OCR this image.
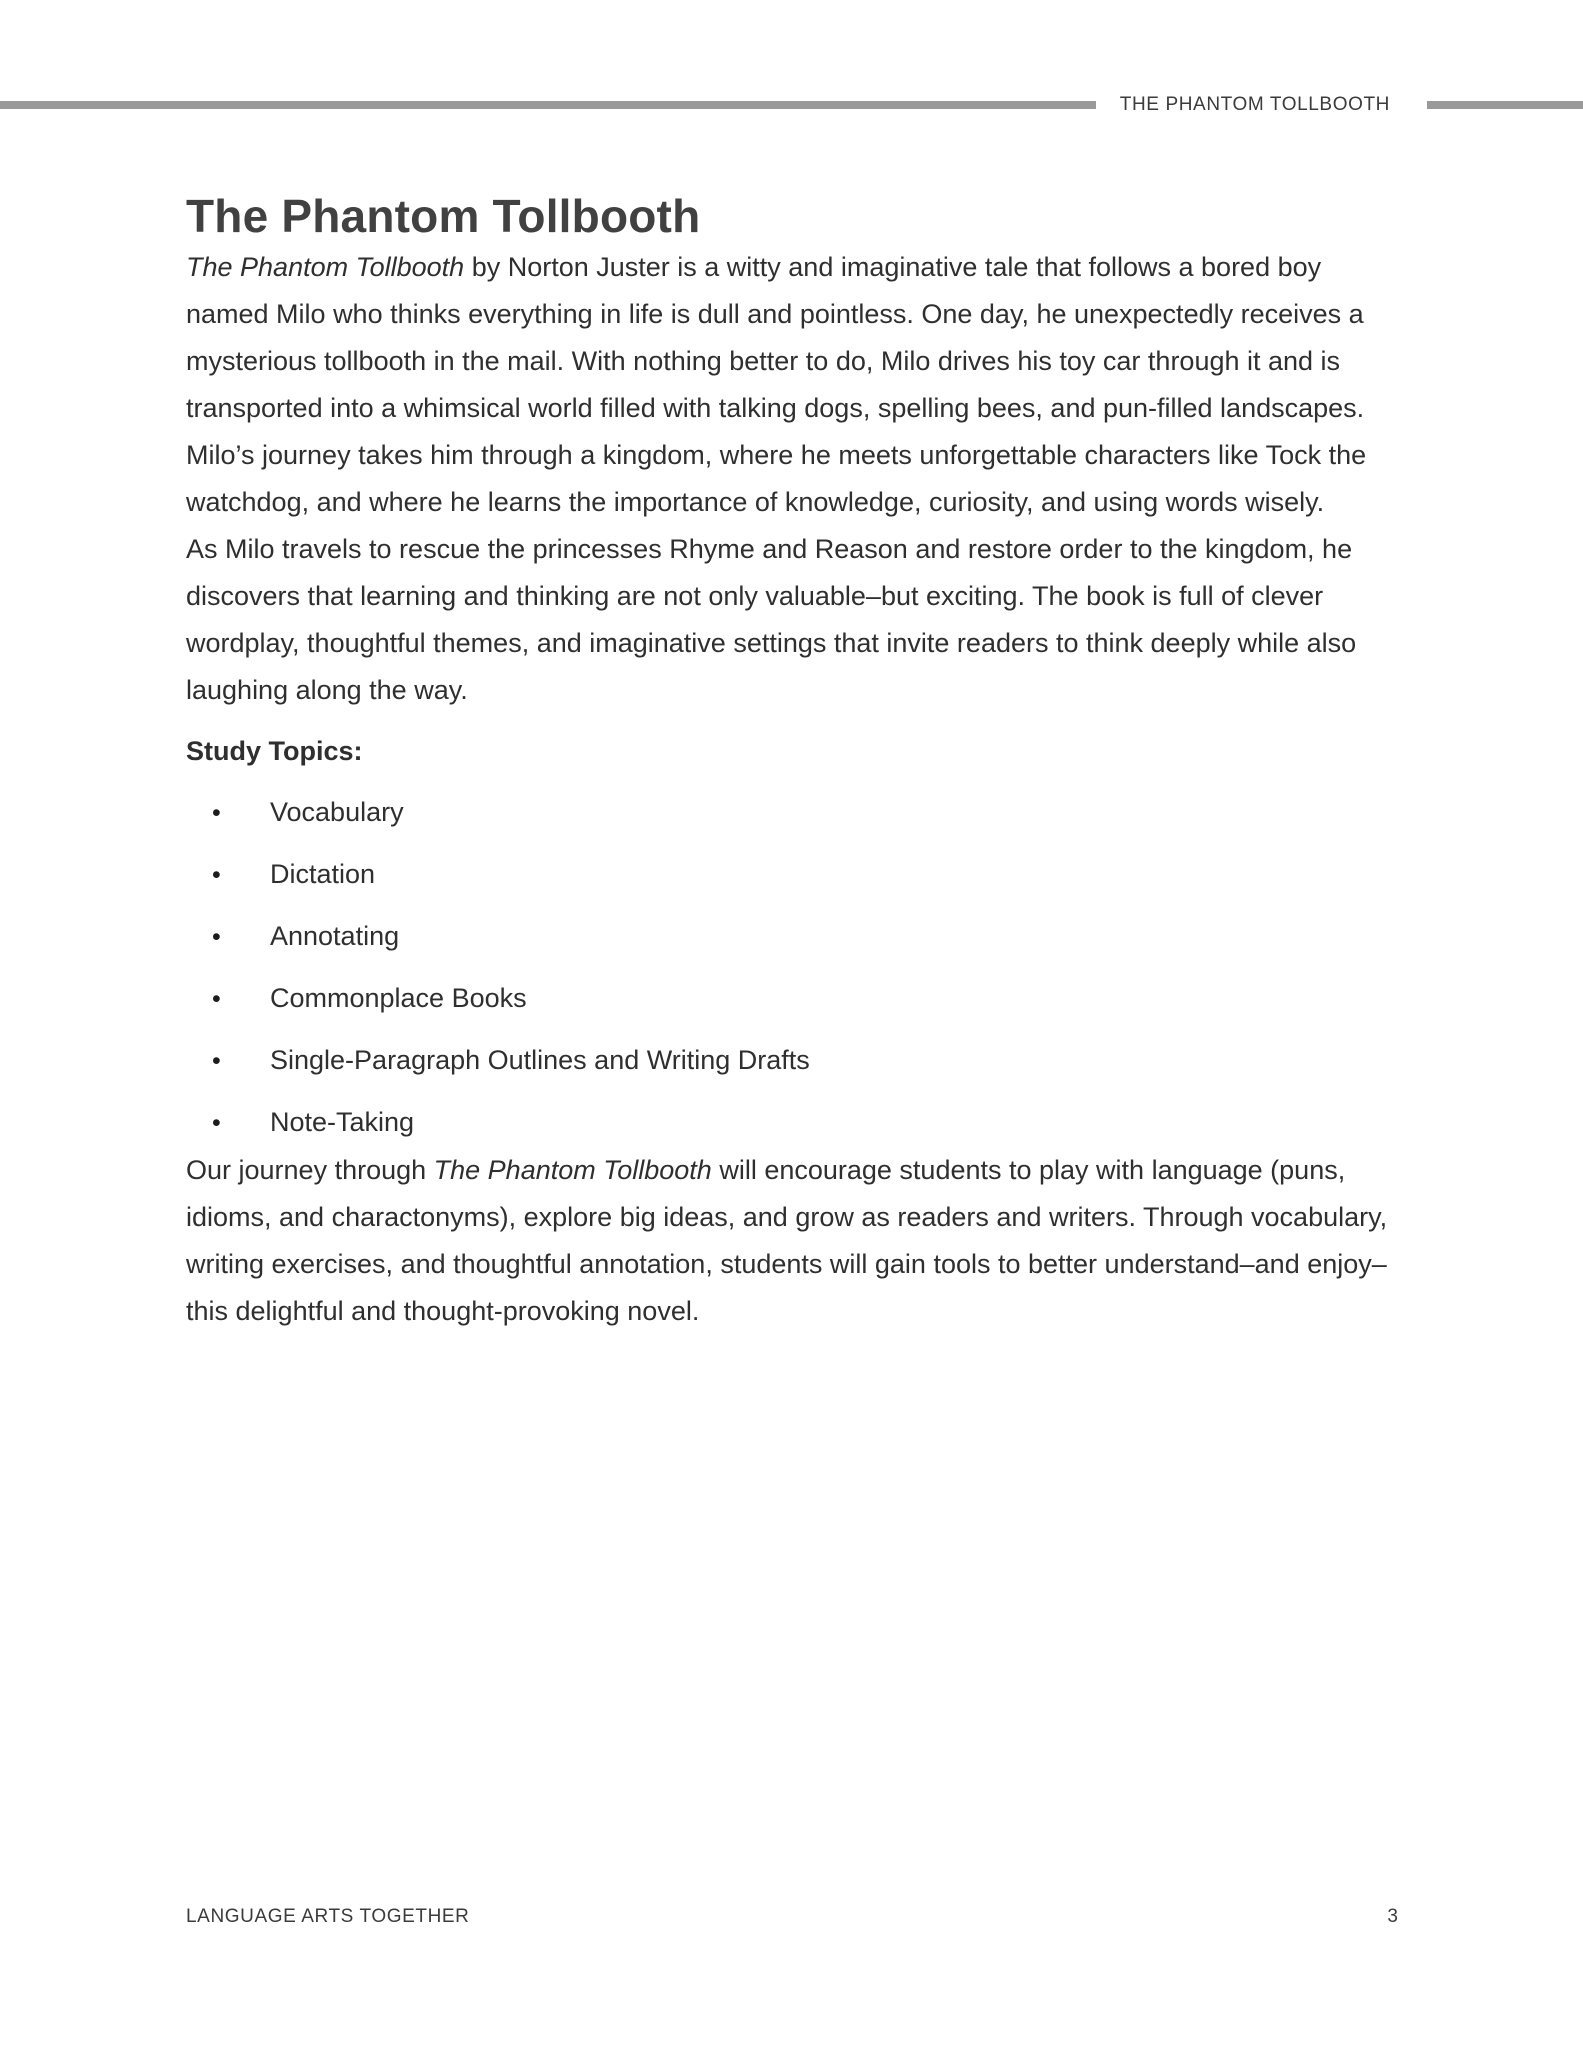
THE PHANTOM TOLLBOOTH
The Phantom Tollbooth

The Phantom Tollbooth by Norton Juster is a witty and imaginative tale that follows a bored boy named Milo who thinks everything in life is dull and pointless. One day, he unexpectedly receives a mysterious tollbooth in the mail. With nothing better to do, Milo drives his toy car through it and is transported into a whimsical world filled with talking dogs, spelling bees, and pun-filled landscapes. Milo’s journey takes him through a kingdom, where he meets unforgettable characters like Tock the watchdog, and where he learns the importance of knowledge, curiosity, and using words wisely.

As Milo travels to rescue the princesses Rhyme and Reason and restore order to the kingdom, he discovers that learning and thinking are not only valuable–but exciting. The book is full of clever wordplay, thoughtful themes, and imaginative settings that invite readers to think deeply while also laughing along the way.

Study Topics:
•	Vocabulary
•	Dictation
•	Annotating
•	Commonplace Books
•	Single-Paragraph Outlines and Writing Drafts
•	Note-Taking

Our journey through The Phantom Tollbooth will encourage students to play with language (puns, idioms, and charactonyms), explore big ideas, and grow as readers and writers. Through vocabulary, writing exercises, and thoughtful annotation, students will gain tools to better understand–and enjoy–this delightful and thought-provoking novel.

LANGUAGE ARTS TOGETHER	3
